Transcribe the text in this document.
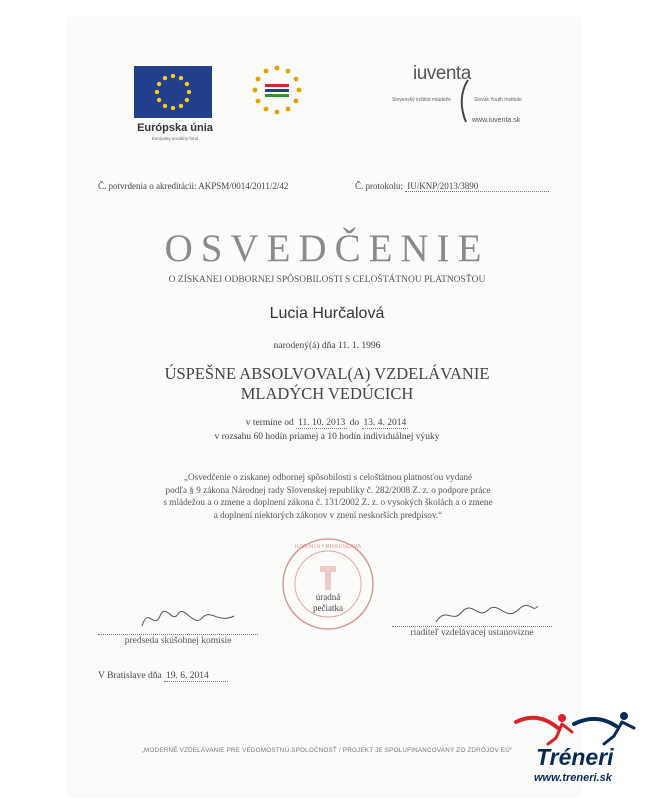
Európska únia
Európsky sociálny fond
iuventa
Slovenský inštitút mládeže	Slovak Youth Institute
www.iuventa.sk
Č. potvrdenia o akreditácii: AKPSM/0014/2011/2/42	Č. protokolu: IU/KNP/2013/3890
OSVEDČENIE
O ZÍSKANEJ ODBORNEJ SPÔSOBILOSTI S CELOŠTÁTNOU PLATNOSŤOU
Lucia Hurčalová
narodený(á) dňa 11. 1. 1996
ÚSPEŠNE ABSOLVOVAL(A) VZDELÁVANIE
MLADÝCH VEDÚCICH
v termíne od 11. 10. 2013 do 13. 4. 2014
v rozsahu 60 hodín priamej a 10 hodín individuálnej výuky
„Osvedčenie o získanej odbornej spôsobilosti s celoštátnou platnosťou vydané
podľa § 9 zákona Národnej rady Slovenskej republiky č. 282/2008 Z. z. o podpore práce
s mládežou a o zmene a doplnení zákona č. 131/2002 Z. z. o vysokých školách a o zmene
a doplnení niektorých zákonov v znení neskorších predpisov.“
IUVENTA • BRATISLAVA
úradná
pečiatka
predseda skúšobnej komisie
riaditeľ vzdelávacej ustanovizne
V Bratislave dňa 19. 6. 2014
„MODERNÉ VZDELÁVANIE PRE VEDOMOSTNÚ SPOLOČNOSŤ / PROJEKT JE SPOLUFINANCOVANÝ ZO ZDROJOV EÚ“	Tréneri
www.treneri.sk
